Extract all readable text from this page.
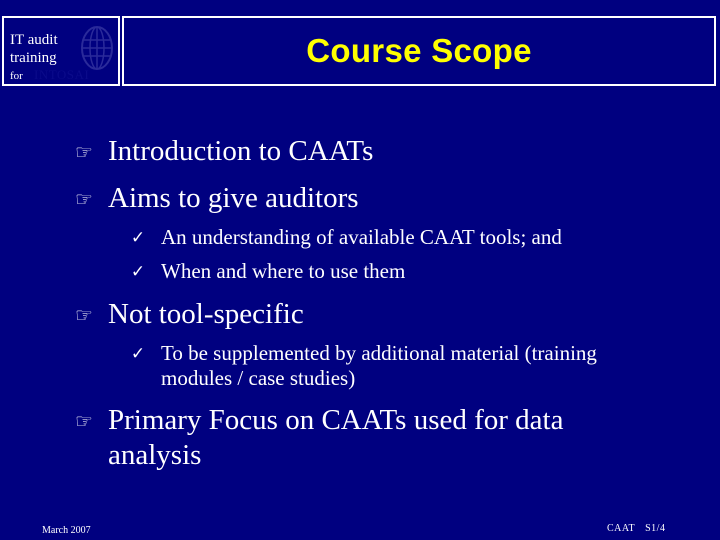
IT audit
training
for INTOSAI
Course Scope
☞ Introduction to CAATs
☞ Aims to give auditors
✓ An understanding of available CAAT tools; and
✓ When and where to use them
☞ Not tool-specific
✓ To be supplemented by additional material (training
modules / case studies)
☞ Primary Focus on CAATs used for data
analysis
March 2007	CAAT S1/4
